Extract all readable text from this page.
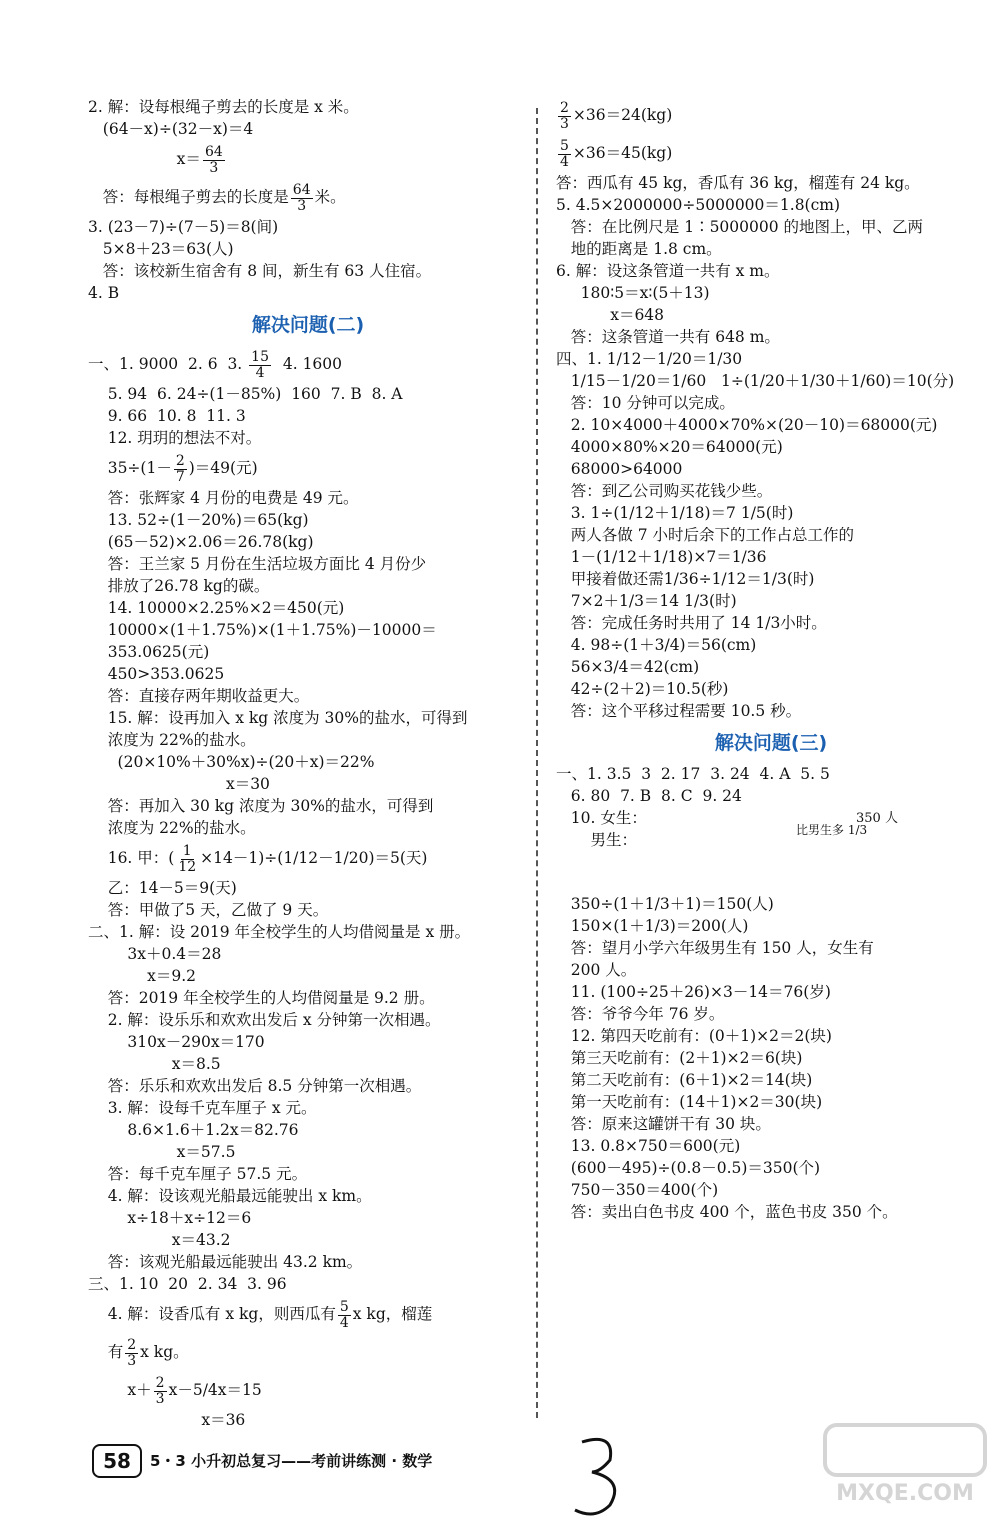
2. 解：设每根绳子剪去的长度是 x 米。
(64－x)÷(32－x)＝4
$x= \frac{64}{3}$
答：每根绳子剪去的长度是 $\frac{64}{3}$ 米。
3. (23－7)÷(7－5)＝8(间)
5×8＋23＝63(人)
答：该校新生宿舍有 8 间，新生有 63 人住宿。
4. B
解决问题(二)
一、1. 9000  2. 6  3. $\frac{15}{4} 4$. 1600
5. 94  6. 24÷(1－85%)  160  7. B  8. A
9. 66  10. 8  11. 3
12. 玥玥的想法不对。
$35\div(1- \frac{2}{7} )=49$(元)
答：张辉家 4 月份的电费是 49 元。
13. 52÷(1－20%)＝65(kg)
(65－52)×2.06＝26.78(kg)
答：王兰家 5 月份在生活垃圾方面比 4 月份少
排放了26.78 kg的碳。
14. 10000×2.25%×2＝450(元)
10000×(1＋1.75%)×(1＋1.75%)－10000＝
353.0625(元)
450>353.0625
答：直接存两年期收益更大。
15. 解：设再加入 x kg 浓度为 30%的盐水，可得到
浓度为 22%的盐水。
(20×10%＋30%x)÷(20＋x)＝22%
x＝30
答：再加入 30 kg 浓度为 30%的盐水，可得到
浓度为 22%的盐水。
16. 甲：( $\frac{1}{12} \times 14-1)\div(1/12-1/20)=5$(天)
乙：14－5＝9(天)
答：甲做了5 天，乙做了 9 天。
二、1. 解：设 2019 年全校学生的人均借阅量是 x 册。
3x＋0.4＝28
x＝9.2
答：2019 年全校学生的人均借阅量是 9.2 册。
2. 解：设乐乐和欢欢出发后 x 分钟第一次相遇。
310x－290x＝170
x＝8.5
答：乐乐和欢欢出发后 8.5 分钟第一次相遇。
3. 解：设每千克车厘子 x 元。
8.6×1.6＋1.2x＝82.76
x＝57.5
答：每千克车厘子 57.5 元。
4. 解：设该观光船最远能驶出 x km。
x÷18＋x÷12＝6
x＝43.2
答：该观光船最远能驶出 43.2 km。
三、1. 10  20  2. 34  3. 96
4. 解：设香瓜有 x kg，则西瓜有 $\frac{5}{4}$ x kg，榴莲
有 $\frac{2}{3}$ x kg。
$x+ \frac{2}{3} x-5/4x=15$
x＝36
$\frac{2}{3} \times 36=24(kg)$
$\frac{5}{4} \times 36=45(kg)$
答：西瓜有 45 kg，香瓜有 36 kg，榴莲有 24 kg。
5. 4.5×2000000÷5000000＝1.8(cm)
答：在比例尺是 1∶5000000 的地图上，甲、乙两
地的距离是 1.8 cm。
6. 解：设这条管道一共有 x m。
180∶5＝x∶(5＋13)
x＝648
答：这条管道一共有 648 m。
四、1. 1/12－1/20＝1/30
1/15－1/20＝1/60   1÷(1/20＋1/30＋1/60)＝10(分)
答：10 分钟可以完成。
2. 10×4000＋4000×70%×(20－10)＝68000(元)
4000×80%×20＝64000(元)
68000>64000
答：到乙公司购买花钱少些。
3. 1÷(1/12＋1/18)＝7 1/5(时)
两人各做 7 小时后余下的工作占总工作的
1－(1/12＋1/18)×7＝1/36
甲接着做还需1/36÷1/12＝1/3(时)
7×2＋1/3＝14 1/3(时)
答：完成任务时共用了 14 1/3小时。
4. 98÷(1＋3/4)＝56(cm)
56×3/4＝42(cm)
42÷(2＋2)＝10.5(秒)
答：这个平移过程需要 10.5 秒。
解决问题(三)
一、1. 3.5  3  2. 17  3. 24  4. A  5. 5
6. 80  7. B  8. C  9. 24
10. 女生：
男生：
比男生多 1/3
350 人
350÷(1＋1/3＋1)＝150(人)
150×(1＋1/3)＝200(人)
答：望月小学六年级男生有 150 人，女生有
200 人。
11. (100÷25＋26)×3－14＝76(岁)
答：爷爷今年 76 岁。
12. 第四天吃前有：(0＋1)×2＝2(块)
第三天吃前有：(2＋1)×2＝6(块)
第二天吃前有：(6＋1)×2＝14(块)
第一天吃前有：(14＋1)×2＝30(块)
答：原来这罐饼干有 30 块。
13. 0.8×750＝600(元)
(600－495)÷(0.8－0.5)＝350(个)
750－350＝400(个)
答：卖出白色书皮 400 个，蓝色书皮 350 个。
58	5・3 小升初总复习——考前讲练测 · 数学
MXQE.COM
